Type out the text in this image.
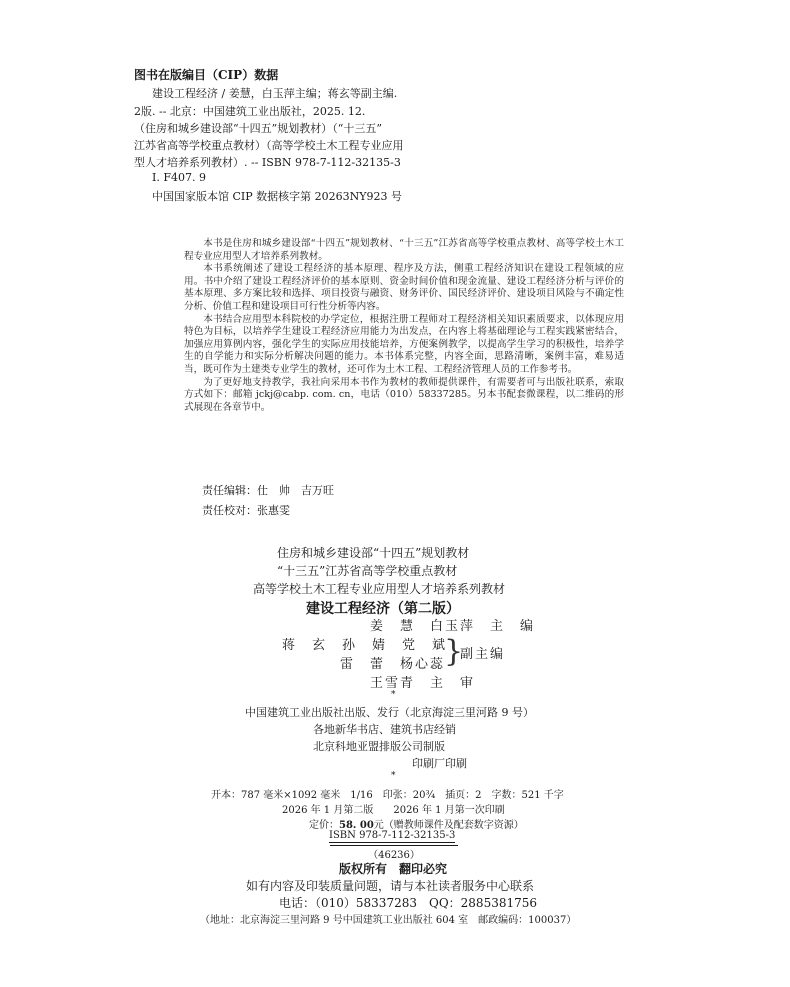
图书在版编目（CIP）数据
建设工程经济 / 姜慧，白玉萍主编；蒋玄等副主编.
2版. -- 北京：中国建筑工业出版社，2025. 12.
（住房和城乡建设部“十四五”规划教材）（“十三五”
江苏省高等学校重点教材）（高等学校土木工程专业应用
型人才培养系列教材）. -- ISBN 978-7-112-32135-3
Ⅰ. F407. 9
中国国家版本馆 CIP 数据核字第 20263NY923 号

本书是住房和城乡建设部“十四五”规划教材、“十三五”江苏省高等学校重点教材、高等学校土木工程专业应用型人才培养系列教材。

本书系统阐述了建设工程经济的基本原理、程序及方法，侧重工程经济知识在建设工程领域的应用。书中介绍了建设工程经济评价的基本原则、资金时间价值和现金流量、建设工程经济分析与评价的基本原理、多方案比较和选择、项目投资与融资、财务评价、国民经济评价、建设项目风险与不确定性分析、价值工程和建设项目可行性分析等内容。

本书结合应用型本科院校的办学定位，根据注册工程师对工程经济相关知识素质要求，以体现应用特色为目标，以培养学生建设工程经济应用能力为出发点，在内容上将基础理论与工程实践紧密结合，加强应用算例内容，强化学生的实际应用技能培养，方便案例教学，以提高学生学习的积极性，培养学生的自学能力和实际分析解决问题的能力。本书体系完整，内容全面，思路清晰，案例丰富，难易适当，既可作为土建类专业学生的教材，还可作为土木工程、工程经济管理人员的工作参考书。

为了更好地支持教学，我社向采用本书作为教材的教师提供课件，有需要者可与出版社联系，索取方式如下：邮箱 jckj@cabp. com. cn，电话（010）58337285。另本书配套微课程，以二维码的形式展现在各章节中。

责任编辑：仕　帅　吉万旺
责任校对：张惠雯
住房和城乡建设部“十四五”规划教材
“十三五”江苏省高等学校重点教材
高等学校土木工程专业应用型人才培养系列教材
建设工程经济（第二版）
姜　慧　白玉萍　主　编
蒋　玄　孙　婧　党　斌
雷　蕾　杨心蕊
}
副主编
王雪青　主　审
*
中国建筑工业出版社出版、发行（北京海淀三里河路 9 号）
各地新华书店、建筑书店经销
北京科地亚盟排版公司制版
印刷厂印刷
*
开本：787 毫米×1092 毫米　1/16　印张：20¾　插页：2　字数：521 千字
2026 年 1 月第二版　　2026 年 1 月第一次印刷
定价：58. 00元（赠教师课件及配套数字资源）
ISBN 978-7-112-32135-3
（46236）
版权所有　翻印必究
如有内容及印装质量问题，请与本社读者服务中心联系
电话：（010）58337283　QQ：2885381756
（地址：北京海淀三里河路 9 号中国建筑工业出版社 604 室　邮政编码：100037）
